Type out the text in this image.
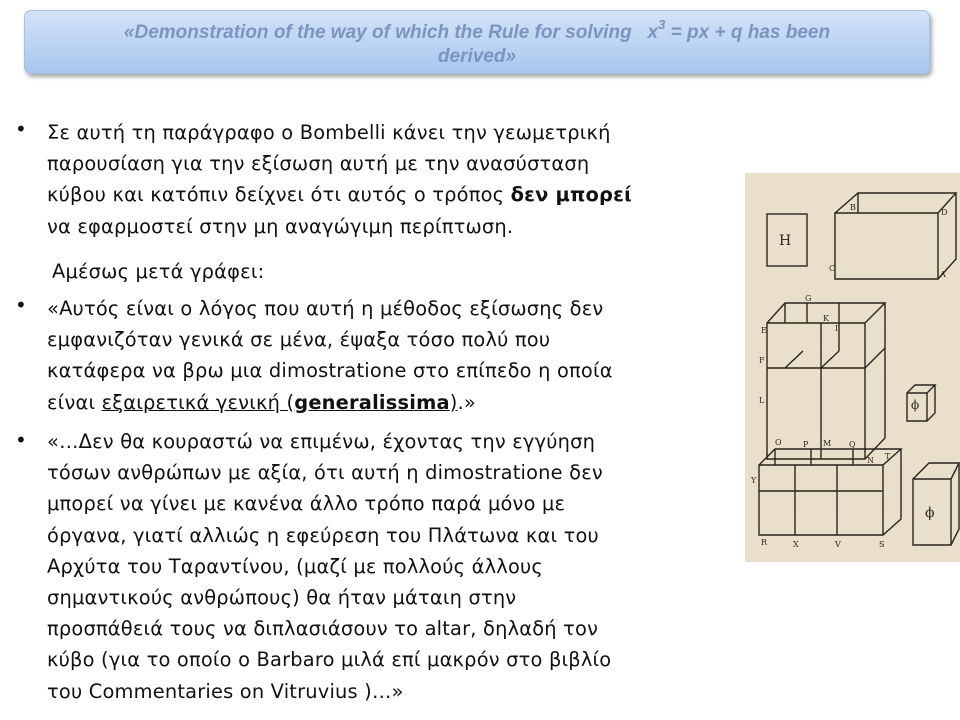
«Demonstration of the way of which the Rule for solving $x^3$ = px + q has been
derived»
• Σε αυτή τη παράγραφο ο Bombelli κάνει την γεωμετρική
παρουσίαση για την εξίσωση αυτή με την ανασύσταση
κύβου και κατόπιν δείχνει ότι αυτός ο τρόπος δεν μπορεί
να εφαρμοστεί στην μη αναγώγιμη περίπτωση.
Αμέσως μετά γράφει:
• «Αυτός είναι ο λόγος που αυτή η μέθοδος εξίσωσης δεν
εμφανιζόταν γενικά σε μένα, έψαξα τόσο πολύ που
κατάφερα να βρω μια dimostratione στο επίπεδο η οποία
είναι εξαιρετικά γενική (generalissima).»
• «…Δεν θα κουραστώ να επιμένω, έχοντας την εγγύηση
τόσων ανθρώπων με αξία, ότι αυτή η dimostratione δεν
μπορεί να γίνει με κανένα άλλο τρόπο παρά μόνο με
όργανα, γιατί αλλιώς η εφεύρεση του Πλάτωνα και του
Αρχύτα του Ταραντίνου, (μαζί με πολλούς άλλους
σημαντικούς ανθρώπους) θα ήταν μάταιη στην
προσπάθειά τους να διπλασιάσουν το altar, δηλαδή τον
κύβο (για το οποίο ο Barbaro μιλά επί μακρόν στο βιβλίο
του Commentaries on Vitruvius )…»
H
B
D
C
A
E
F
G
K
I
L
M
N
O	P	Q
R	X	V	S
T
Y
ϕ
ϕ
